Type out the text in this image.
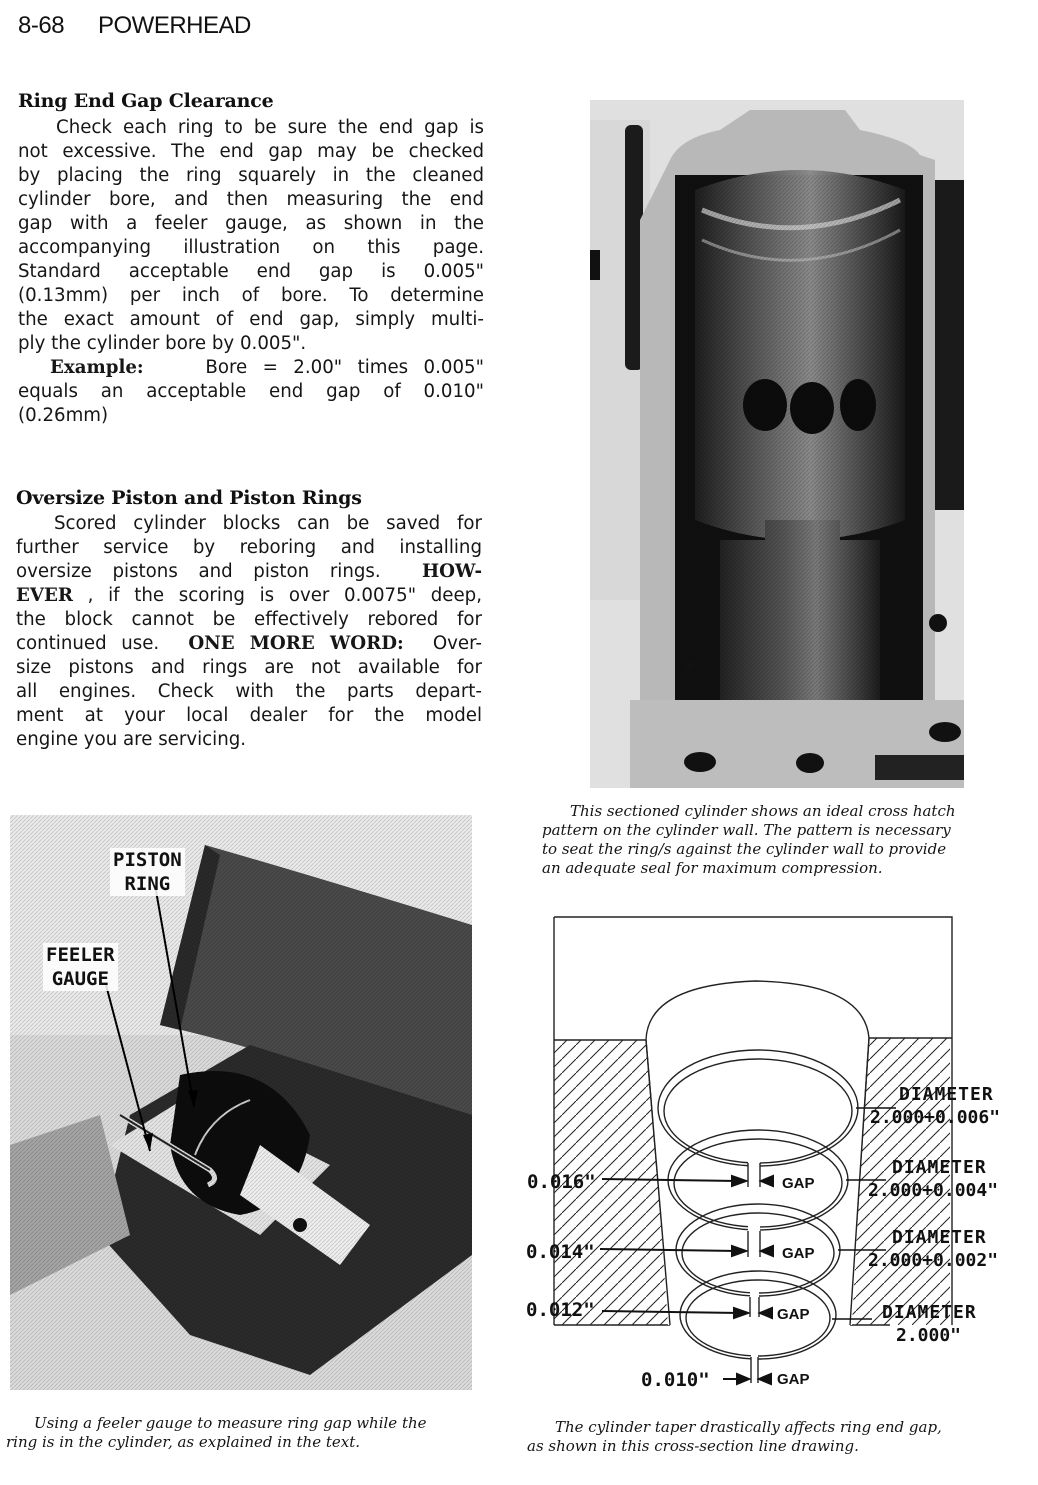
8-68 POWERHEAD
Ring End Gap Clearance
Check each ring to be sure the end gap is
not excessive. The end gap may be checked
by placing the ring squarely in the cleaned
cylinder bore, and then measuring the end
gap with a feeler gauge, as shown in the
accompanying illustration on this page.
Standard acceptable end gap is 0.005"
(0.13mm) per inch of bore. To determine
the exact amount of end gap, simply multi-
ply the cylinder bore by 0.005".
Example:	Bore = 2.00" times 0.005"
equals an acceptable end gap of 0.010"
(0.26mm)
Oversize Piston and Piston Rings
Scored cylinder blocks can be saved for
further service by reboring and installing
oversize pistons and piston rings. HOW-
EVER , if the scoring is over 0.0075" deep,
the block cannot be effectively rebored for
continued use. ONE MORE WORD: Over-
size pistons and rings are not available for
all engines. Check with the parts depart-
ment at your local dealer for the model
engine you are servicing.
This sectioned cylinder shows an ideal cross hatch
pattern on the cylinder wall. The pattern is necessary
to seat the ring/s against the cylinder wall to provide
an adequate seal for maximum compression.
PISTON
RING
FEELER
GAUGE
Using a feeler gauge to measure ring gap while the
ring is in the cylinder, as explained in the text.
0.016"
0.014"
0.012"
0.010"
GAP
GAP
GAP
GAP
DIAMETER
2.000+0.006"
DIAMETER
2.000+0.004"
DIAMETER
2.000+0.002"
DIAMETER
2.000"
The cylinder taper drastically affects ring end gap,
as shown in this cross-section line drawing.
